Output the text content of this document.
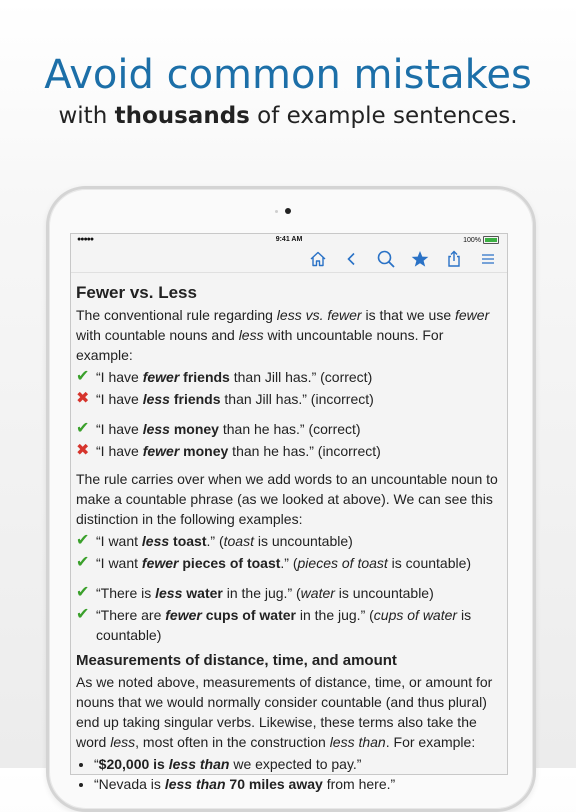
Avoid common mistakes
with thousands of example sentences.
●●●●●	9:41 AM	100%
Fewer vs. Less

The conventional rule regarding less vs. fewer is that we use fewer with countable nouns and less with uncountable nouns. For example:

✔ “I have fewer friends than Jill has.” (correct)
✖ “I have less friends than Jill has.” (incorrect)
✔ “I have less money than he has.” (correct)
✖ “I have fewer money than he has.” (incorrect)

The rule carries over when we add words to an uncountable noun to make a countable phrase (as we looked at above). We can see this distinction in the following examples:

✔ “I want less toast.” (toast is uncountable)
✔ “I want fewer pieces of toast.” (pieces of toast is countable)
✔ “There is less water in the jug.” (water is uncountable)
✔ “There are fewer cups of water in the jug.” (cups of water is countable)
Measurements of distance, time, and amount

As we noted above, measurements of distance, time, or amount for nouns that we would normally consider countable (and thus plural) end up taking singular verbs. Likewise, these terms also take the word less, most often in the construction less than. For example:

• “$20,000 is less than we expected to pay.”
• “Nevada is less than 70 miles away from here.”
